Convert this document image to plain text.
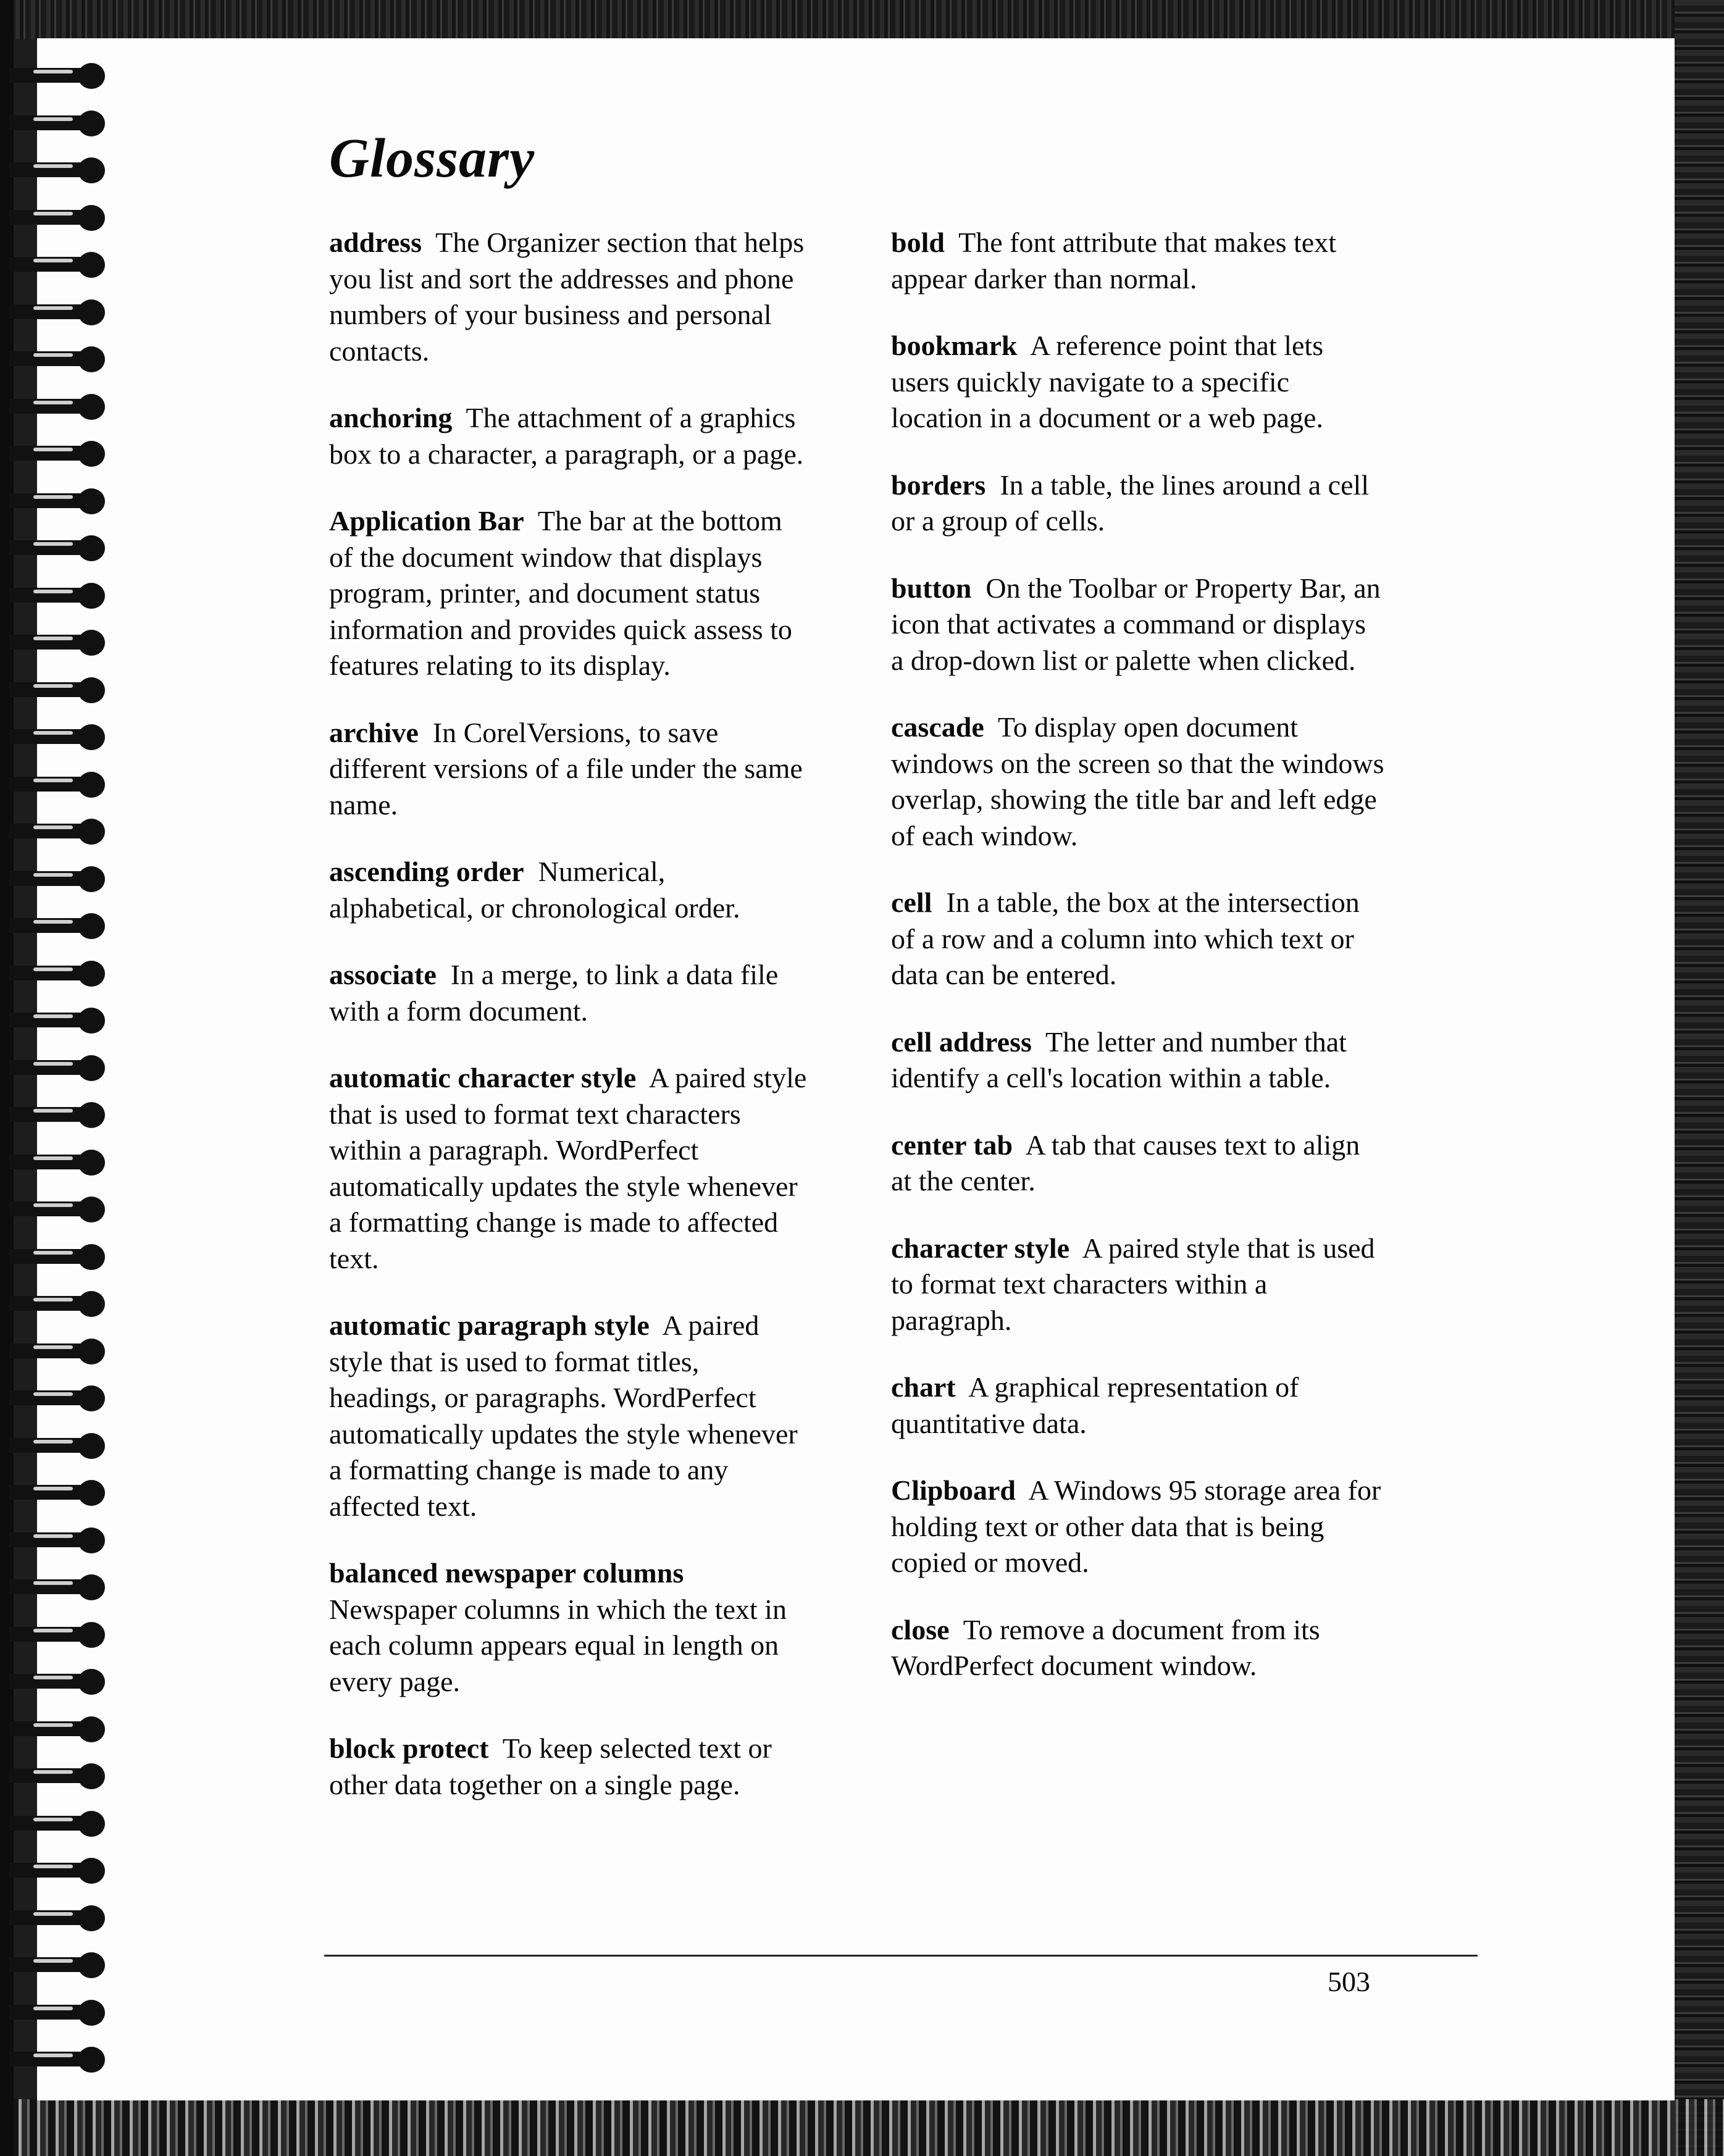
Glossary

address The Organizer section that helps you list and sort the addresses and phone numbers of your business and personal contacts.

anchoring The attachment of a graphics box to a character, a paragraph, or a page.

Application Bar The bar at the bottom of the document window that displays program, printer, and document status information and provides quick assess to features relating to its display.

archive In CorelVersions, to save different versions of a file under the same name.

ascending order Numerical, alphabetical, or chronological order.

associate In a merge, to link a data file with a form document.

automatic character style A paired style that is used to format text characters within a paragraph. WordPerfect automatically updates the style whenever a formatting change is made to affected text.

automatic paragraph style A paired style that is used to format titles, headings, or paragraphs. WordPerfect automatically updates the style whenever a formatting change is made to any affected text.

balanced newspaper columns
Newspaper columns in which the text in each column appears equal in length on every page.

block protect To keep selected text or other data together on a single page.

bold The font attribute that makes text appear darker than normal.

bookmark A reference point that lets users quickly navigate to a specific location in a document or a web page.

borders In a table, the lines around a cell or a group of cells.

button On the Toolbar or Property Bar, an icon that activates a command or displays a drop-down list or palette when clicked.

cascade To display open document windows on the screen so that the windows overlap, showing the title bar and left edge of each window.

cell In a table, the box at the intersection of a row and a column into which text or data can be entered.

cell address The letter and number that identify a cell's location within a table.

center tab A tab that causes text to align at the center.

character style A paired style that is used to format text characters within a paragraph.

chart A graphical representation of quantitative data.

Clipboard A Windows 95 storage area for holding text or other data that is being copied or moved.

close To remove a document from its WordPerfect document window.

503
